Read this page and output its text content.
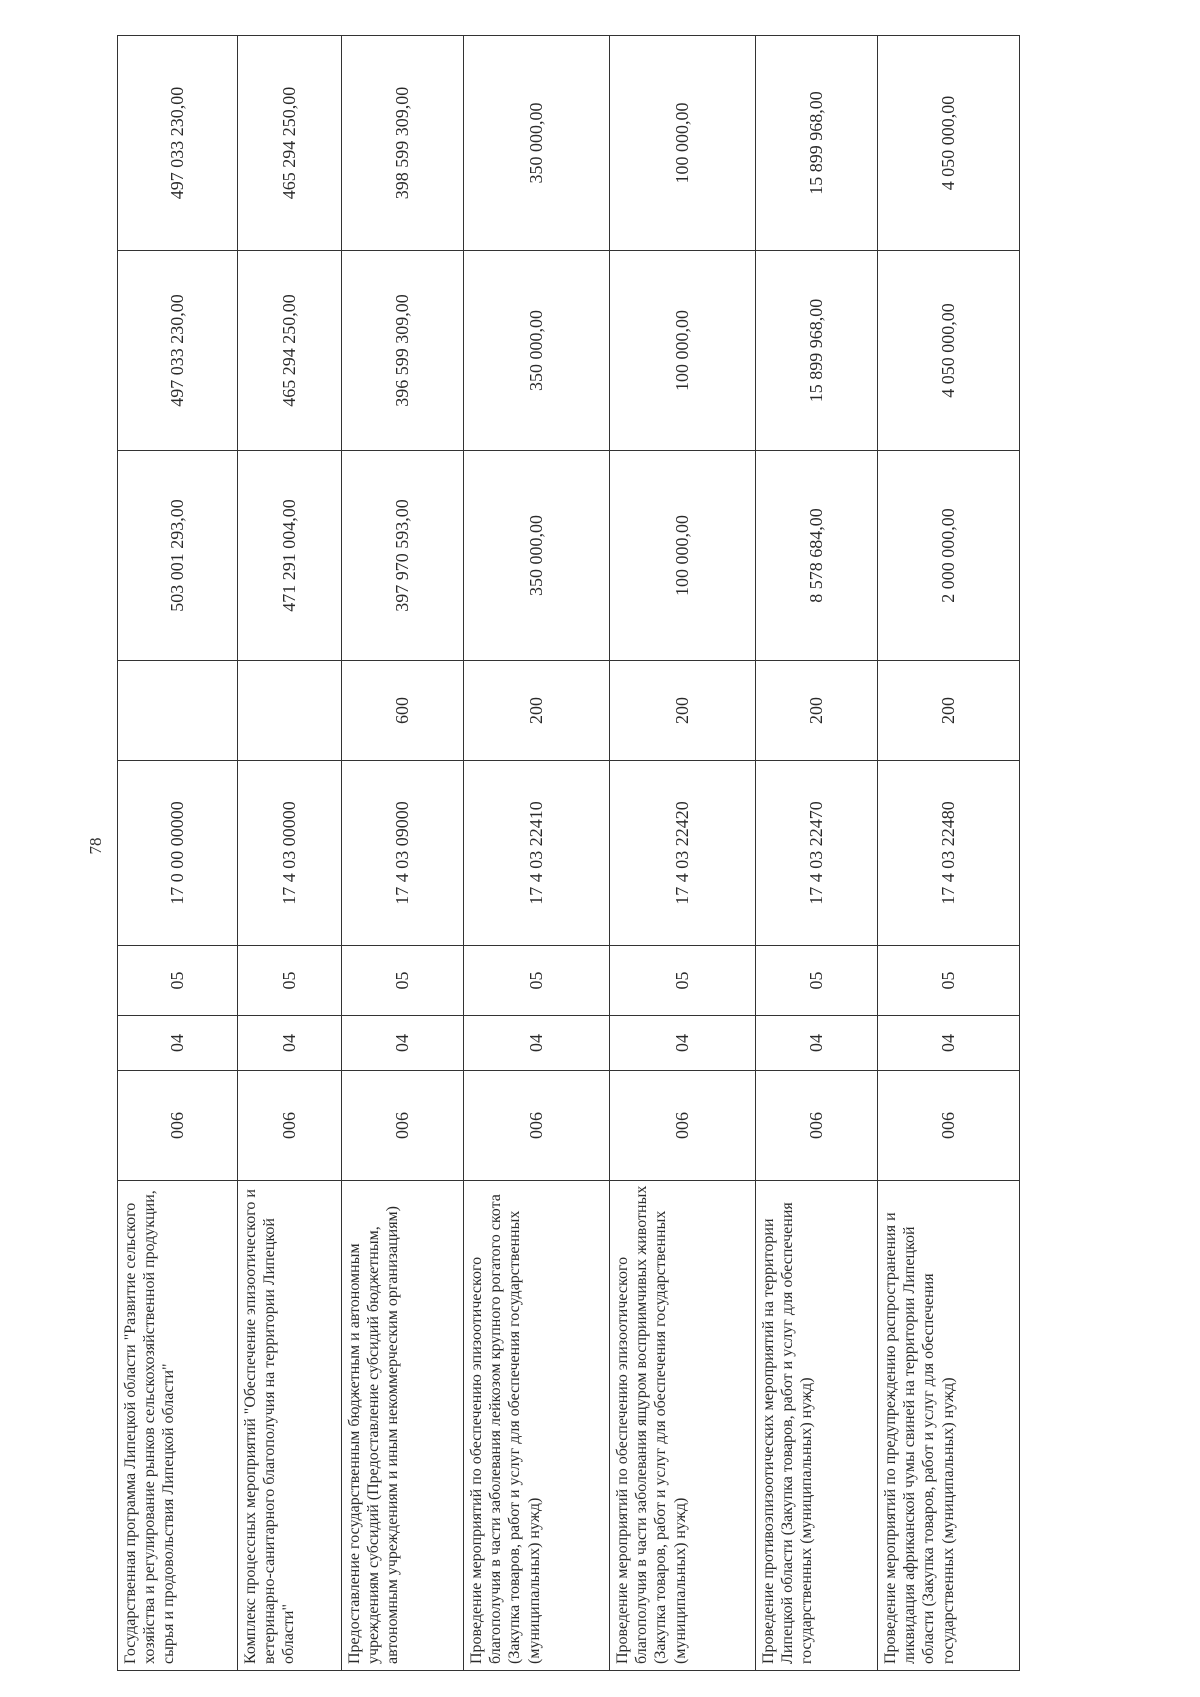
78
Государственная программа Липецкой области "Развитие сельского хозяйства и регулирование рынков сельскохозяйственной продукции, сырья и продовольствия Липецкой области"	006	04	05	17 0 00 00000		503 001 293,00	497 033 230,00	497 033 230,00
Комплекс процессных мероприятий "Обеспечение эпизоотического и ветеринарно-санитарного благополучия на территории Липецкой области"	006	04	05	17 4 03 00000		471 291 004,00	465 294 250,00	465 294 250,00
Предоставление государственным бюджетным и автономным учреждениям субсидий (Предоставление субсидий бюджетным, автономным учреждениям и иным некоммерческим организациям)	006	04	05	17 4 03 09000	600	397 970 593,00	396 599 309,00	398 599 309,00
Проведение мероприятий по обеспечению эпизоотического благополучия в части заболевания лейкозом крупного рогатого скота (Закупка товаров, работ и услуг для обеспечения государственных (муниципальных) нужд)	006	04	05	17 4 03 22410	200	350 000,00	350 000,00	350 000,00
Проведение мероприятий по обеспечению эпизоотического благополучия в части заболевания ящуром восприимчивых животных (Закупка товаров, работ и услуг для обеспечения государственных (муниципальных) нужд)	006	04	05	17 4 03 22420	200	100 000,00	100 000,00	100 000,00
Проведение противоэпизоотических мероприятий на территории Липецкой области (Закупка товаров, работ и услуг для обеспечения государственных (муниципальных) нужд)	006	04	05	17 4 03 22470	200	8 578 684,00	15 899 968,00	15 899 968,00
Проведение мероприятий по предупреждению распространения и ликвидация африканской чумы свиней на территории Липецкой области (Закупка товаров, работ и услуг для обеспечения государственных (муниципальных) нужд)	006	04	05	17 4 03 22480	200	2 000 000,00	4 050 000,00	4 050 000,00
